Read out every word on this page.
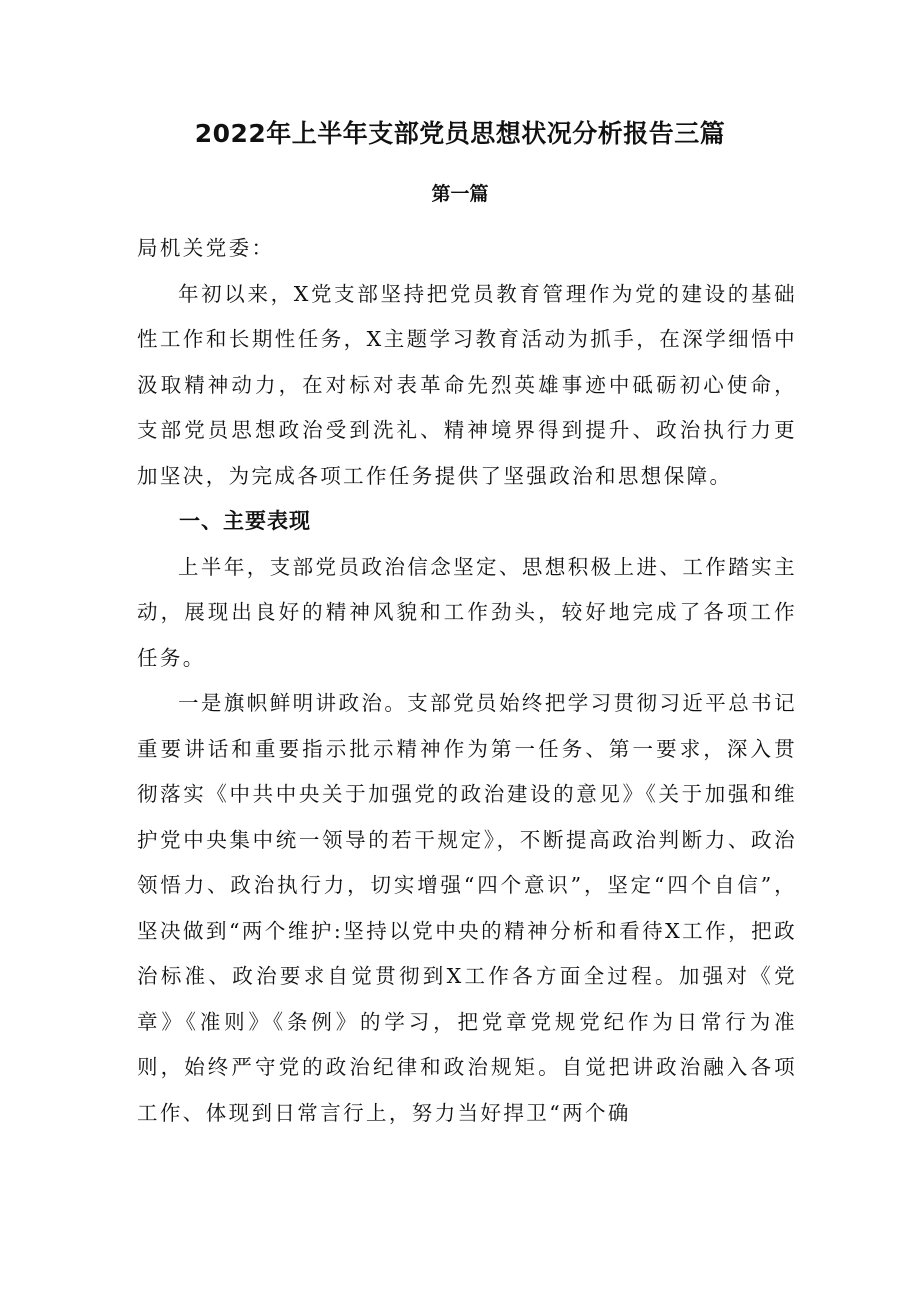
2022年上半年支部党员思想状况分析报告三篇
第一篇

局机关党委：

年初以来，X党支部坚持把党员教育管理作为党的建设的基础性工作和长期性任务，X主题学习教育活动为抓手，在深学细悟中汲取精神动力，在对标对表革命先烈英雄事迹中砥砺初心使命，支部党员思想政治受到洗礼、精神境界得到提升、政治执行力更加坚决，为完成各项工作任务提供了坚强政治和思想保障。

一、主要表现

上半年，支部党员政治信念坚定、思想积极上进、工作踏实主动，展现出良好的精神风貌和工作劲头，较好地完成了各项工作任务。

一是旗帜鲜明讲政治。支部党员始终把学习贯彻习近平总书记重要讲话和重要指示批示精神作为第一任务、第一要求，深入贯彻落实《中共中央关于加强党的政治建设的意见》《关于加强和维护党中央集中统一领导的若干规定》，不断提高政治判断力、政治领悟力、政治执行力，切实增强“四个意识”，坚定“四个自信”，坚决做到“两个维护:坚持以党中央的精神分析和看待X工作，把政治标准、政治要求自觉贯彻到X工作各方面全过程。加强对《党章》《准则》《条例》的学习，把党章党规党纪作为日常行为准则，始终严守党的政治纪律和政治规矩。自觉把讲政治融入各项工作、体现到日常言行上，努力当好捍卫“两个确
